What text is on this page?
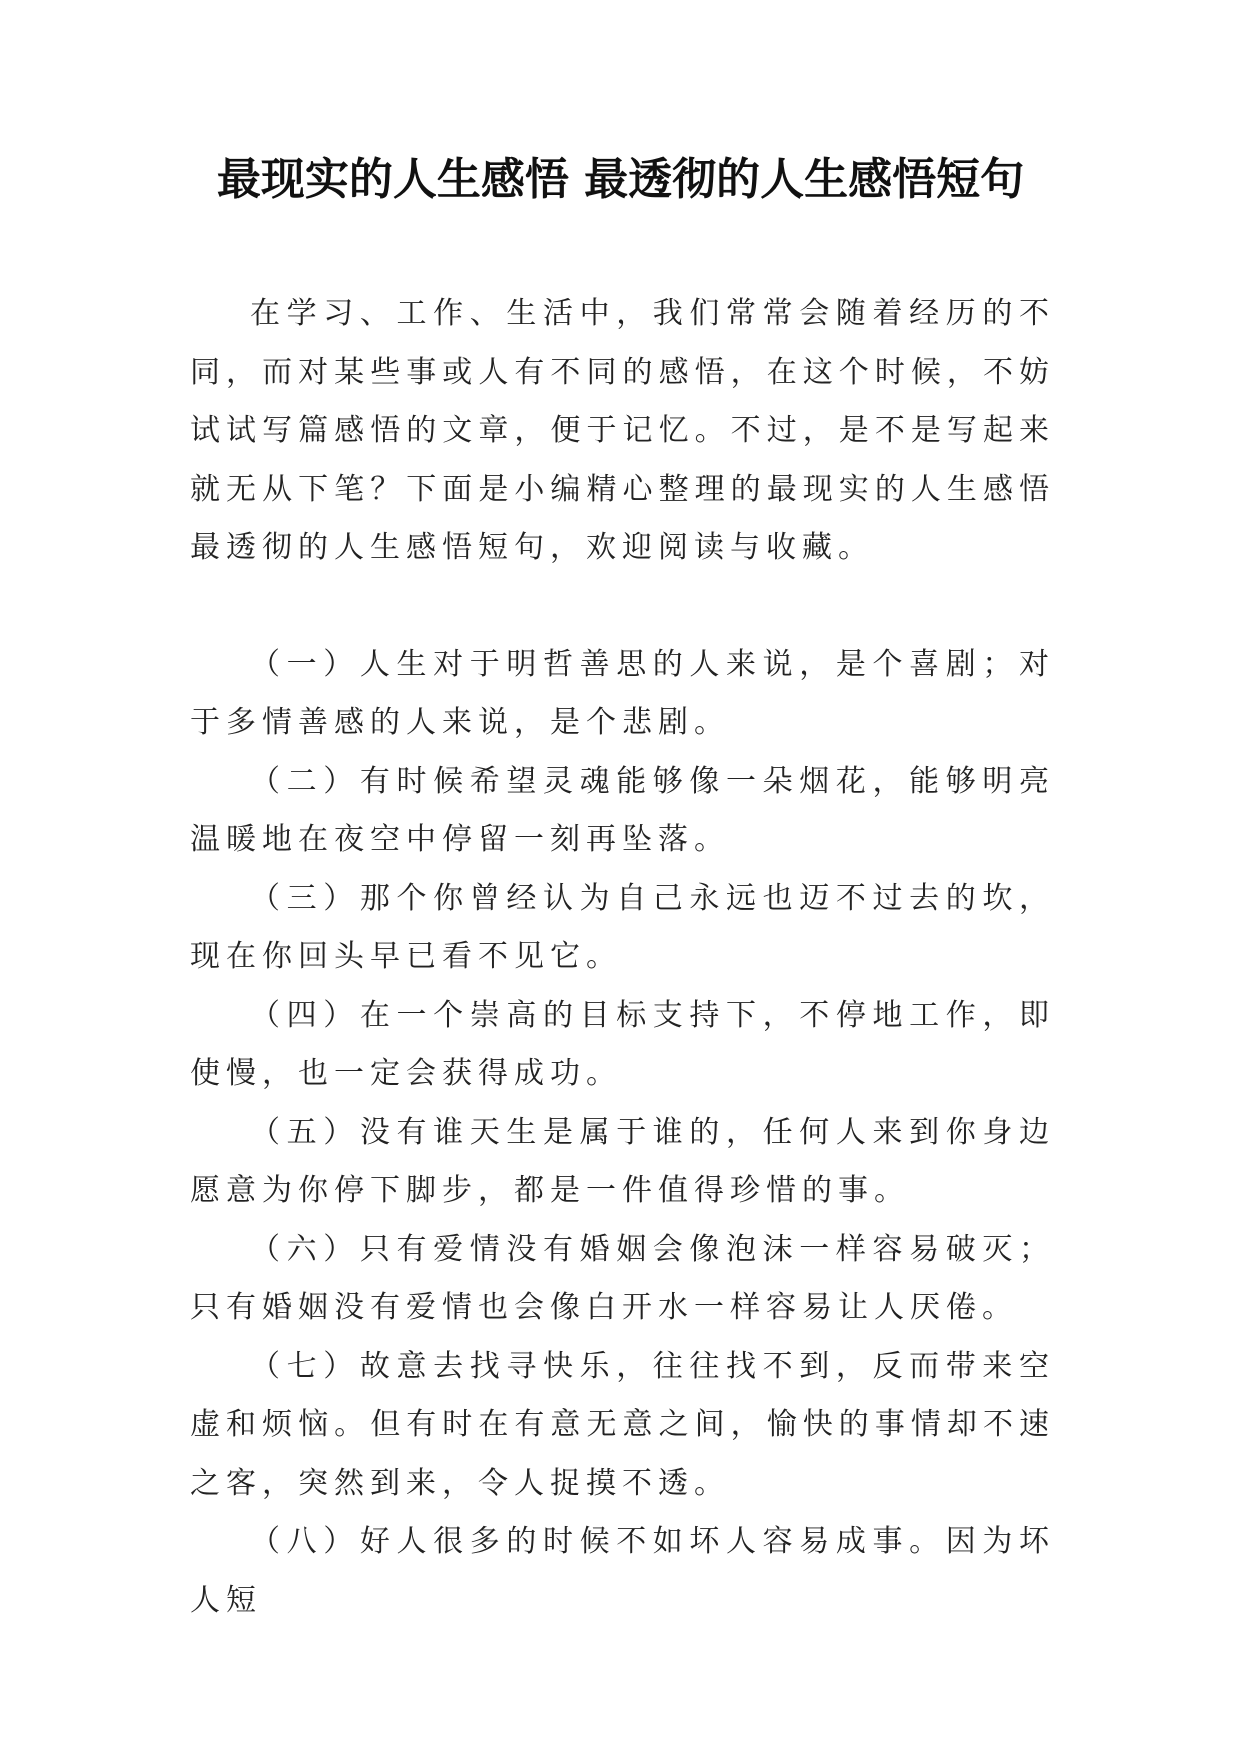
最现实的人生感悟 最透彻的人生感悟短句

在学习、工作、生活中，我们常常会随着经历的不同，而对某些事或人有不同的感悟，在这个时候，不妨试试写篇感悟的文章，便于记忆。不过，是不是写起来就无从下笔？下面是小编精心整理的最现实的人生感悟 最透彻的人生感悟短句，欢迎阅读与收藏。

（一）人生对于明哲善思的人来说，是个喜剧；对于多情善感的人来说，是个悲剧。

（二）有时候希望灵魂能够像一朵烟花，能够明亮温暖地在夜空中停留一刻再坠落。

（三）那个你曾经认为自己永远也迈不过去的坎，现在你回头早已看不见它。

（四）在一个崇高的目标支持下，不停地工作，即使慢，也一定会获得成功。

（五）没有谁天生是属于谁的，任何人来到你身边愿意为你停下脚步，都是一件值得珍惜的事。

（六）只有爱情没有婚姻会像泡沫一样容易破灭；只有婚姻没有爱情也会像白开水一样容易让人厌倦。

（七）故意去找寻快乐，往往找不到，反而带来空虚和烦恼。但有时在有意无意之间，愉快的事情却不速之客，突然到来，令人捉摸不透。

（八）好人很多的时候不如坏人容易成事。因为坏人短
